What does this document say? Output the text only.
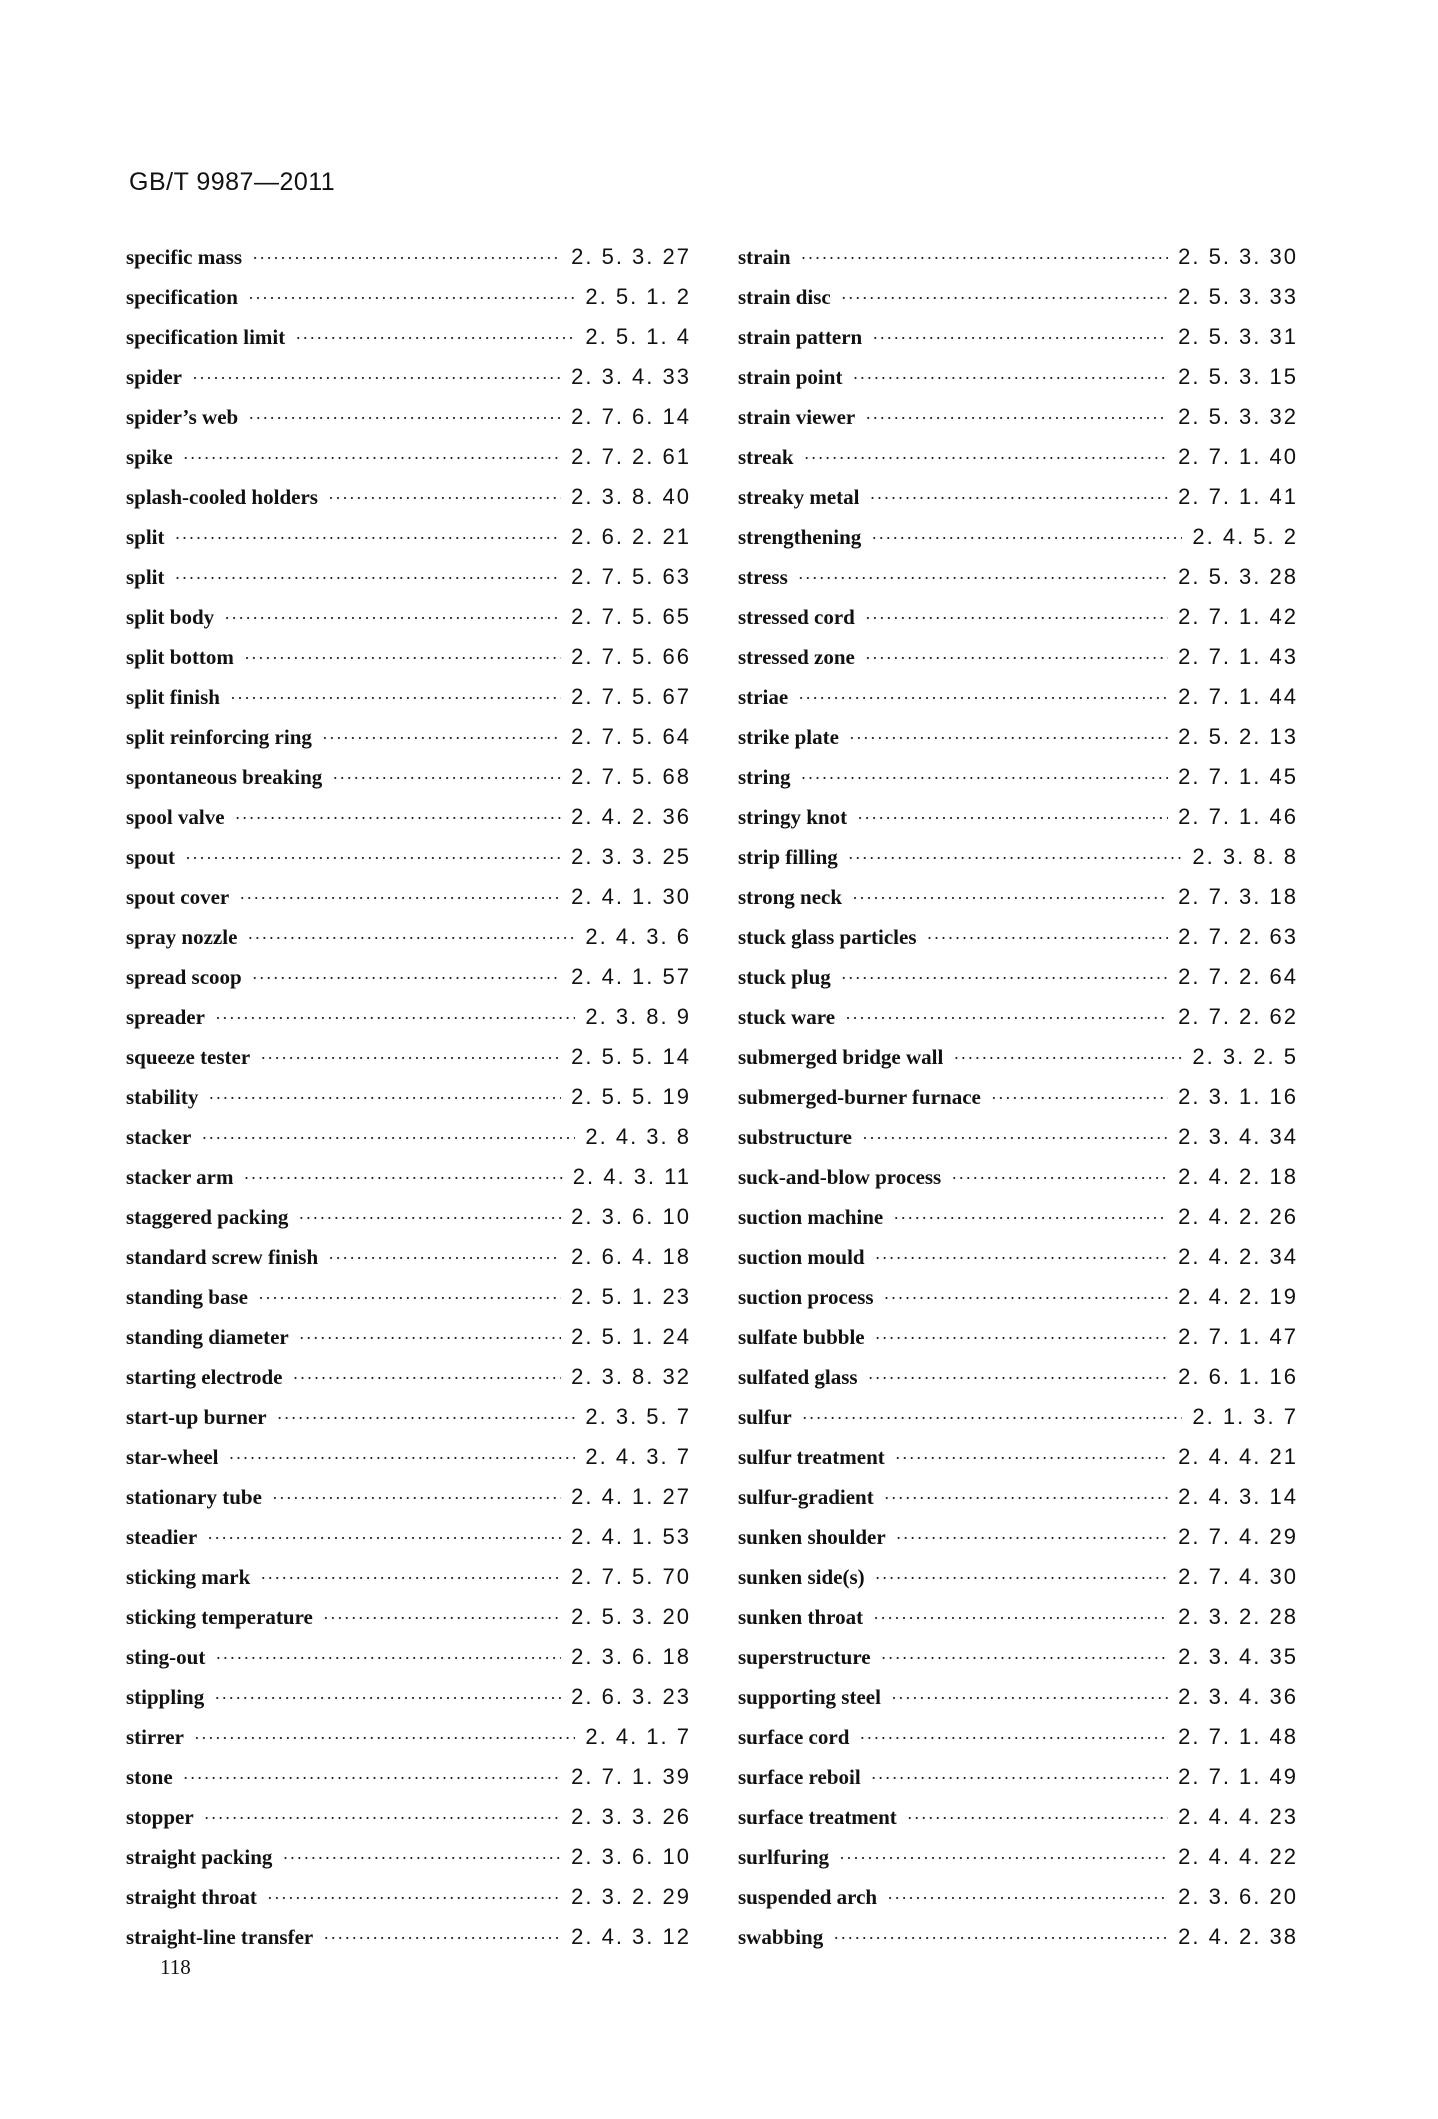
GB/T 9987—2011
specific mass ·····	2. 5. 3. 27
specification ·····	2. 5. 1. 2
specification limit ·····	2. 5. 1. 4
spider ·····	2. 3. 4. 33
spider’s web ·····	2. 7. 6. 14
spike ·····	2. 7. 2. 61
splash-cooled holders ·····	2. 3. 8. 40
split ·····	2. 6. 2. 21
split ·····	2. 7. 5. 63
split body ·····	2. 7. 5. 65
split bottom ·····	2. 7. 5. 66
split finish ·····	2. 7. 5. 67
split reinforcing ring ·····	2. 7. 5. 64
spontaneous breaking ·····	2. 7. 5. 68
spool valve ·····	2. 4. 2. 36
spout ·····	2. 3. 3. 25
spout cover ·····	2. 4. 1. 30
spray nozzle ·····	2. 4. 3. 6
spread scoop ·····	2. 4. 1. 57
spreader ·····	2. 3. 8. 9
squeeze tester ·····	2. 5. 5. 14
stability ·····	2. 5. 5. 19
stacker ·····	2. 4. 3. 8
stacker arm ·····	2. 4. 3. 11
staggered packing ·····	2. 3. 6. 10
standard screw finish ·····	2. 6. 4. 18
standing base ·····	2. 5. 1. 23
standing diameter ·····	2. 5. 1. 24
starting electrode ·····	2. 3. 8. 32
start-up burner ·····	2. 3. 5. 7
star-wheel ·····	2. 4. 3. 7
stationary tube ·····	2. 4. 1. 27
steadier ·····	2. 4. 1. 53
sticking mark ·····	2. 7. 5. 70
sticking temperature ·····	2. 5. 3. 20
sting-out ·····	2. 3. 6. 18
stippling ·····	2. 6. 3. 23
stirrer ·····	2. 4. 1. 7
stone ·····	2. 7. 1. 39
stopper ·····	2. 3. 3. 26
straight packing ·····	2. 3. 6. 10
straight throat ·····	2. 3. 2. 29
straight-line transfer ·····	2. 4. 3. 12
strain ·····	2. 5. 3. 30
strain disc ·····	2. 5. 3. 33
strain pattern ·····	2. 5. 3. 31
strain point ·····	2. 5. 3. 15
strain viewer ·····	2. 5. 3. 32
streak ·····	2. 7. 1. 40
streaky metal ·····	2. 7. 1. 41
strengthening ·····	2. 4. 5. 2
stress ·····	2. 5. 3. 28
stressed cord ·····	2. 7. 1. 42
stressed zone ·····	2. 7. 1. 43
striae ·····	2. 7. 1. 44
strike plate ·····	2. 5. 2. 13
string ·····	2. 7. 1. 45
stringy knot ·····	2. 7. 1. 46
strip filling ·····	2. 3. 8. 8
strong neck ·····	2. 7. 3. 18
stuck glass particles ·····	2. 7. 2. 63
stuck plug ·····	2. 7. 2. 64
stuck ware ·····	2. 7. 2. 62
submerged bridge wall ·····	2. 3. 2. 5
submerged-burner furnace ·····	2. 3. 1. 16
substructure ·····	2. 3. 4. 34
suck-and-blow process ·····	2. 4. 2. 18
suction machine ·····	2. 4. 2. 26
suction mould ·····	2. 4. 2. 34
suction process ·····	2. 4. 2. 19
sulfate bubble ·····	2. 7. 1. 47
sulfated glass ·····	2. 6. 1. 16
sulfur ·····	2. 1. 3. 7
sulfur treatment ·····	2. 4. 4. 21
sulfur-gradient ·····	2. 4. 3. 14
sunken shoulder ·····	2. 7. 4. 29
sunken side(s) ·····	2. 7. 4. 30
sunken throat ·····	2. 3. 2. 28
superstructure ·····	2. 3. 4. 35
supporting steel ·····	2. 3. 4. 36
surface cord ·····	2. 7. 1. 48
surface reboil ·····	2. 7. 1. 49
surface treatment ·····	2. 4. 4. 23
surlfuring ·····	2. 4. 4. 22
suspended arch ·····	2. 3. 6. 20
swabbing ·····	2. 4. 2. 38
118
